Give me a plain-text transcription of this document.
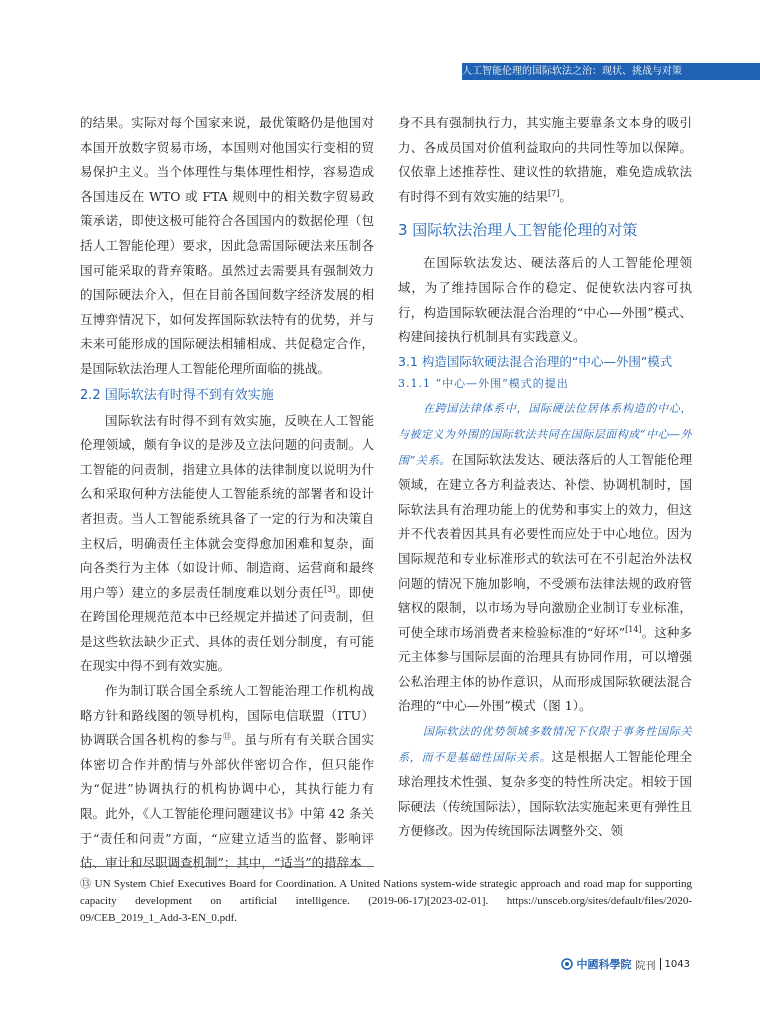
人工智能伦理的国际软法之治：现状、挑战与对策

的结果。实际对每个国家来说，最优策略仍是他国对本国开放数字贸易市场，本国则对他国实行变相的贸易保护主义。当个体理性与集体理性相悖，容易造成各国违反在 WTO 或 FTA 规则中的相关数字贸易政策承诺，即使这极可能符合各国国内的数据伦理（包括人工智能伦理）要求，因此急需国际硬法来压制各国可能采取的背弃策略。虽然过去需要具有强制效力的国际硬法介入，但在目前各国间数字经济发展的相互博弈情况下，如何发挥国际软法特有的优势，并与未来可能形成的国际硬法相辅相成、共促稳定合作，是国际软法治理人工智能伦理所面临的挑战。

2.2 国际软法有时得不到有效实施

国际软法有时得不到有效实施，反映在人工智能伦理领域，颇有争议的是涉及立法问题的问责制。人工智能的问责制，指建立具体的法律制度以说明为什么和采取何种方法能使人工智能系统的部署者和设计者担责。当人工智能系统具备了一定的行为和决策自主权后，明确责任主体就会变得愈加困难和复杂，面向各类行为主体（如设计师、制造商、运营商和最终用户等）建立的多层责任制度难以划分责任[3]。即使在跨国伦理规范范本中已经规定并描述了问责制，但是这些软法缺少正式、具体的责任划分制度，有可能在现实中得不到有效实施。

作为制订联合国全系统人工智能治理工作机构战略方针和路线图的领导机构，国际电信联盟（ITU）协调联合国各机构的参与⑬。虽与所有有关联合国实体密切合作并酌情与外部伙伴密切合作，但只能作为“促进”协调执行的机构协调中心，其执行能力有限。此外，《人工智能伦理问题建议书》中第 42 条关于“责任和问责”方面，“应建立适当的监督、影响评估、审计和尽职调查机制”；其中，“适当”的措辞本

身不具有强制执行力，其实施主要靠条文本身的吸引力、各成员国对价值利益取向的共同性等加以保障。仅依靠上述推荐性、建议性的软措施，难免造成软法有时得不到有效实施的结果[7]。

3 国际软法治理人工智能伦理的对策

在国际软法发达、硬法落后的人工智能伦理领域，为了维持国际合作的稳定、促使软法内容可执行，构造国际软硬法混合治理的“中心—外围”模式、构建间接执行机制具有实践意义。

3.1 构造国际软硬法混合治理的“中心—外围”模式
3.1.1 “中心—外围”模式的提出

在跨国法律体系中，国际硬法位居体系构造的中心，与被定义为外围的国际软法共同在国际层面构成“中心—外围”关系。在国际软法发达、硬法落后的人工智能伦理领域，在建立各方利益表达、补偿、协调机制时，国际软法具有治理功能上的优势和事实上的效力，但这并不代表着因其具有必要性而应处于中心地位。因为国际规范和专业标准形式的软法可在不引起治外法权问题的情况下施加影响，不受颁布法律法规的政府管辖权的限制，以市场为导向激励企业制订专业标准，可使全球市场消费者来检验标准的“好坏”[14]。这种多元主体参与国际层面的治理具有协同作用，可以增强公私治理主体的协作意识，从而形成国际软硬法混合治理的“中心—外围”模式（图 1）。

国际软法的优势领域多数情况下仅限于事务性国际关系，而不是基础性国际关系。这是根据人工智能伦理全球治理技术性强、复杂多变的特性所决定。相较于国际硬法（传统国际法），国际软法实施起来更有弹性且方便修改。因为传统国际法调整外交、领

⑬ UN System Chief Executives Board for Coordination. A United Nations system-wide strategic approach and road map for supporting capacity development on artificial intelligence. (2019-06-17)[2023-02-01]. https://unsceb.org/sites/default/files/2020-09/CEB_2019_1_Add-3-EN_0.pdf.
中國科學院 院刊 1043
